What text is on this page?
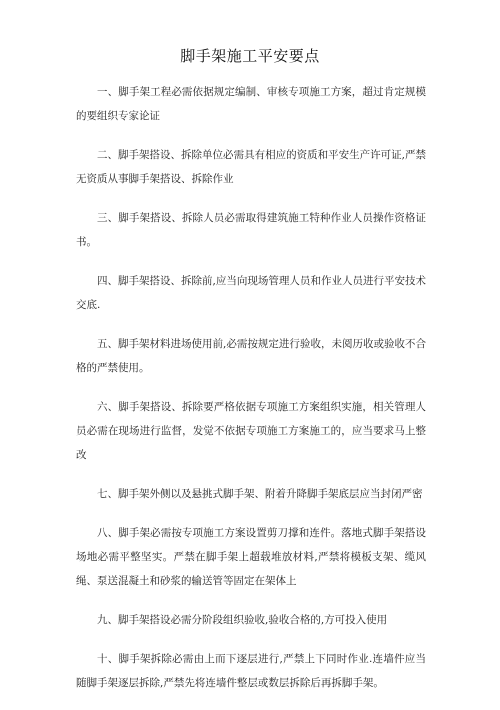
脚手架施工平安要点

一、脚手架工程必需依据规定编制、审核专项施工方案，超过肯定规模的要组织专家论证

二、脚手架搭设、拆除单位必需具有相应的资质和平安生产许可证,严禁无资质从事脚手架搭设、拆除作业

三、脚手架搭设、拆除人员必需取得建筑施工特种作业人员操作资格证书。

四、脚手架搭设、拆除前,应当向现场管理人员和作业人员进行平安技术交底.

五、脚手架材料进场使用前,必需按规定进行验收，未阅历收或验收不合格的严禁使用。

六、脚手架搭设、拆除要严格依据专项施工方案组织实施，相关管理人员必需在现场进行监督，发觉不依据专项施工方案施工的，应当要求马上整改

七、脚手架外侧以及悬挑式脚手架、附着升降脚手架底层应当封闭严密

八、脚手架必需按专项施工方案设置剪刀撑和连件。落地式脚手架搭设场地必需平整坚实。严禁在脚手架上超载堆放材料,严禁将模板支架、缆风绳、泵送混凝土和砂浆的输送管等固定在架体上

九、脚手架搭设必需分阶段组织验收,验收合格的,方可投入使用

十、脚手架拆除必需由上而下逐层进行,严禁上下同时作业.连墙件应当随脚手架逐层拆除,严禁先将连墙件整层或数层拆除后再拆脚手架。
